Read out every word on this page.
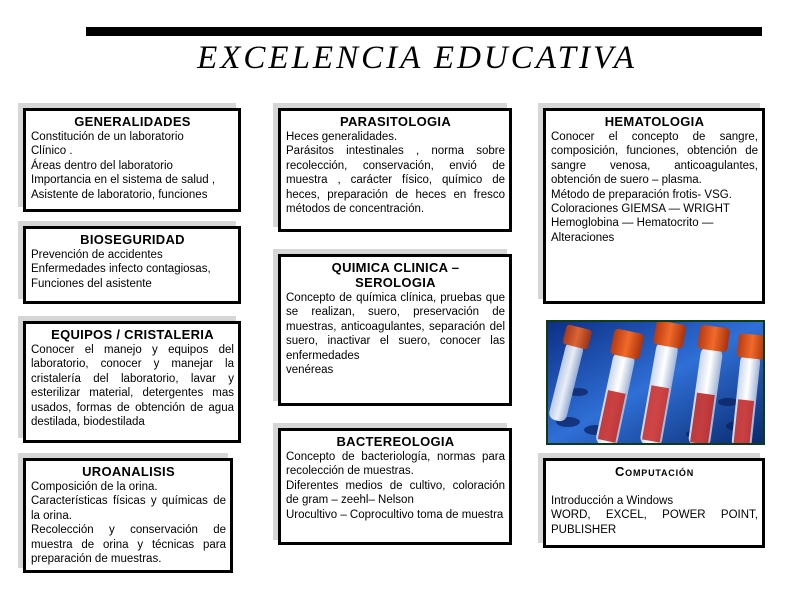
EXCELENCIA EDUCATIVA
GENERALIDADES

Constitución de un laboratorio

Clínico .

Áreas dentro del laboratorio

Importancia en el sistema de salud ,

Asistente de laboratorio, funciones

BIOSEGURIDAD

Prevención de accidentes

Enfermedades infecto contagiosas,

Funciones del asistente

EQUIPOS / CRISTALERIA

Conocer el manejo y equipos del laboratorio, conocer y manejar la cristalería del laboratorio, lavar y esterilizar material, detergentes mas usados, formas de obtención de agua destilada, biodestilada

UROANALISIS

Composición de la orina.

Características físicas y químicas de la orina.

Recolección y conservación de muestra de orina y técnicas para preparación de muestras.

PARASITOLOGIA

Heces generalidades.

Parásitos intestinales , norma sobre recolección, conservación, envió de muestra , carácter físico, químico de heces, preparación de heces en fresco métodos de concentración.

QUIMICA CLINICA – SEROLOGIA

Concepto de química clínica, pruebas que se realizan, suero, preservación de muestras, anticoagulantes, separación del suero, inactivar el suero, conocer las enfermedades

venéreas

BACTEREOLOGIA

Concepto de bacteriología, normas para recolección de muestras.

Diferentes medios de cultivo, coloración de gram – zeehl– Nelson

Urocultivo – Coprocultivo toma de muestra

HEMATOLOGIA

Conocer el concepto de sangre, composición, funciones, obtención de sangre venosa, anticoagulantes, obtención de suero – plasma.

Método de preparación frotis- VSG.

Coloraciones GIEMSA — WRIGHT

Hemoglobina — Hematocrito —

Alteraciones

Computación

Introducción a Windows

WORD, EXCEL, POWER POINT, PUBLISHER
